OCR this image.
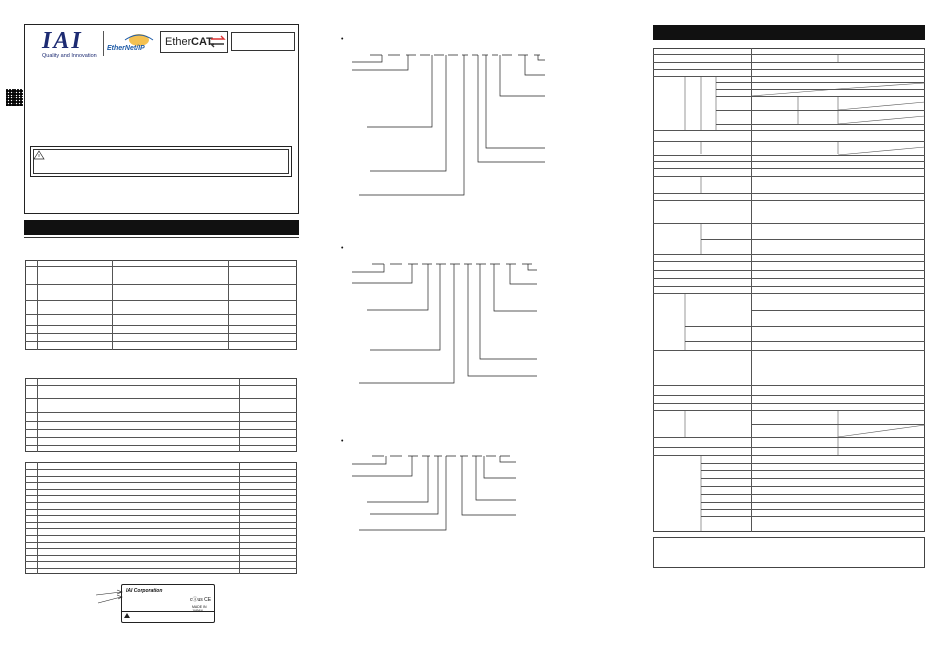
IAI
Quality and Innovation
EtherNet/IP
Ether CAT.
IAI Corporation
cⒶus CE
MADE IN JAPAN
•
•
•
